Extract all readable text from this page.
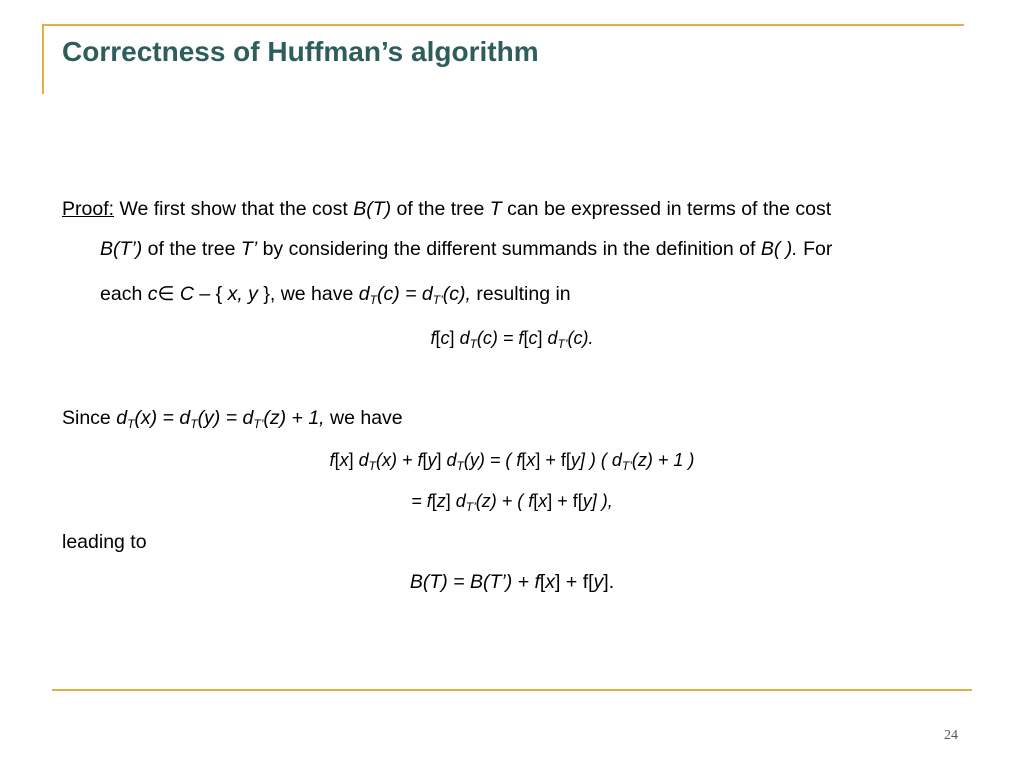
Correctness of Huffman’s algorithm
Proof: We first show that the cost B(T) of the tree T can be expressed in terms of the cost
B(T’) of the tree T’ by considering the different summands in the definition of B( ). For
each c∈ C – { x, y }, we have $d_T(c) = d_{T’}(c)$, resulting in
f[c] $d_T(c) = f[c]$ $d_{T’}(c)$.
Since $d_T(x) = d_T(y) = d_{T’}(z) + 1$, we have
f[x] $d_T(x) + f[y] d_T(y)$ = ( f[x] + f[y] ) ( $d_{T’}(z) + 1$ )
= f[z] $d_{T’}(z)$ + ( f[x] + f[y] ),
leading to
B(T) = B(T’) + f[x] + f[y].
24
